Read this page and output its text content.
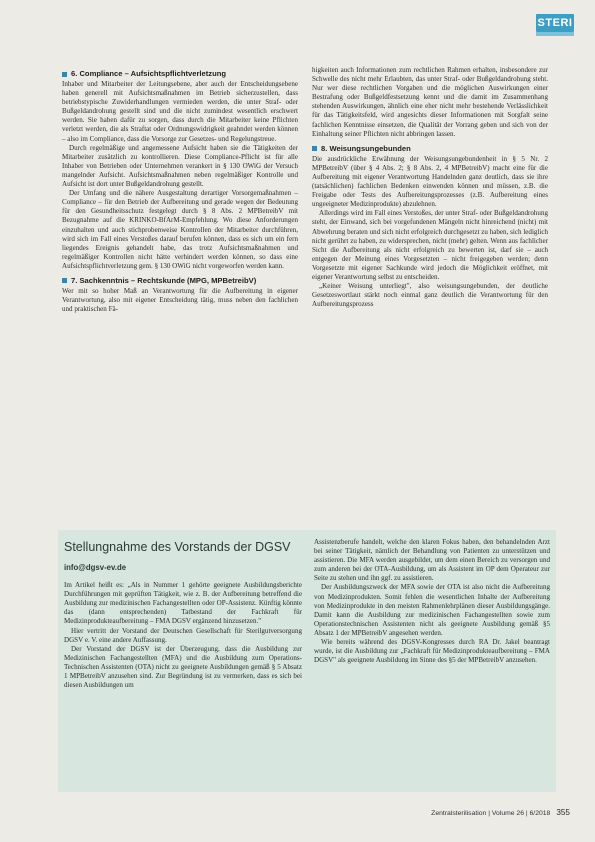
STERI
6. Compliance – Aufsichtspflichtverletzung

Inhaber und Mitarbeiter der Leitungsebene, aber auch der Entscheidungsebene haben generell mit Aufsichtsmaßnahmen im Betrieb sicherzustellen, dass betriebstypische Zuwiderhandlungen vermieden werden, die unter Straf- oder Bußgeldandrohung gestellt sind und die nicht zumindest wesentlich erschwert werden. Sie haben dafür zu sorgen, dass durch die Mitarbeiter keine Pflichten verletzt werden, die als Straftat oder Ordnungswidrigkeit geahndet werden können – also im Compliance, dass die Vorsorge zur Gesetzes- und Regelungstreue.

Durch regelmäßige und angemessene Aufsicht haben sie die Tätigkeiten der Mitarbeiter zusätzlich zu kontrollieren. Diese Compliance-Pflicht ist für alle Inhaber von Betrieben oder Unternehmen verankert in § 130 OWiG der Versuch mangelnder Aufsicht. Aufsichtsmaßnahmen neben regelmäßiger Kontrolle und Aufsicht ist dort unter Bußgeldandrohung gestellt.

Der Umfang und die nähere Ausgestaltung derartiger Vorsorgemaßnahmen – Compliance – für den Betrieb der Aufbereitung und gerade wegen der Bedeutung für den Gesundheitsschutz festgelegt durch § 8 Abs. 2 MPBetreibV mit Bezugnahme auf die KRINKO-BfArM-Empfehlung. Wo diese Anforderungen einzuhalten und auch stichprobenweise Kontrollen der Mitarbeiter durchführen, wird sich im Fall eines Verstoßes darauf berufen können, dass es sich um ein fern liegendes Ereignis gehandelt habe, das trotz Aufsichtsmaßnahmen und regelmäßiger Kontrollen nicht hätte verhindert werden können, so dass eine Aufsichtspflichtverletzung gem. § 130 OWiG nicht vorgeworfen werden kann.

7. Sachkenntnis – Rechtskunde (MPG, MPBetreibV)

Wer mit so hoher Maß an Verantwortung für die Aufbereitung in eigener Verantwortung, also mit eigener Entscheidung tätig, muss neben den fachlichen und praktischen Fä-

higkeiten auch Informationen zum rechtlichen Rahmen erhalten, insbesondere zur Schwelle des nicht mehr Erlaubten, das unter Straf- oder Bußgeldandrohung steht. Nur wer diese rechtlichen Vorgaben und die möglichen Auswirkungen einer Bestrafung oder Bußgeldfestsetzung kennt und die damit im Zusammenhang stehenden Auswirkungen, ähnlich eine eher nicht mehr bestehende Verlässlichkeit für das Tätigkeitsfeld, wird angesichts dieser Informationen mit Sorgfalt seine fachlichen Kenntnisse einsetzen, die Qualität der Vorrang geben und sich von der Einhaltung seiner Pflichten nicht abbringen lassen.

8. Weisungsungebunden

Die ausdrückliche Erwähnung der Weisungsungebundenheit in § 5 Nr. 2 MPBetreibV (über § 4 Abs. 2; § 8 Abs. 2, 4 MPBetreibV) macht eine für die Aufbereitung mit eigener Verantwortung Handelnden ganz deutlich, dass sie ihre (tatsächlichen) fachlichen Bedenken einwenden können und müssen, z.B. die Freigabe oder Tests des Aufbereitungsprozesses (z.B. Aufbereitung eines ungeeigneter Medizinprodukte) abzulehnen.

Allerdings wird im Fall eines Verstoßes, der unter Straf- oder Bußgeldandrohung steht, der Einwand, sich bei vorgefundenen Mängeln nicht hinreichend (nicht) mit Abwehrung beraten und sich nicht erfolgreich durchgesetzt zu haben, sich lediglich nicht gerührt zu haben, zu widersprechen, nicht (mehr) gelten. Wenn aus fachlicher Sicht die Aufbereitung als nicht erfolgreich zu bewerten ist, darf sie – auch entgegen der Meinung eines Vorgesetzten – nicht freigegeben werden; denn Vorgesetzte mit eigener Sachkunde wird jedoch die Möglichkeit eröffnet, mit eigener Verantwortung selbst zu entscheiden.

„Keiner Weisung unterliegt", also weisungsungebunden, der deutliche Gesetzeswortlaut stärkt noch einmal ganz deutlich die Verantwortung für den Aufbereitungsprozess

Stellungnahme des Vorstands der DGSV
info@dgsv-ev.de

Im Artikel heißt es: „Als in Nummer 1 gehörte geeignete Ausbildungsberichte Durchführungen mit geprüften Tätigkeit, wie z. B. der Aufbereitung betreffend die Ausbildung zur medizinischen Fachangestellten oder OP-Assistenz. Künftig könnte das (dann entsprechenden) Tatbestand der Fachkraft für Medizinprodukteaufbereitung – FMA DGSV ergänzend hinzusetzen."

Hier vertritt der Vorstand der Deutschen Gesellschaft für Sterilgutversorgung DGSV e. V. eine andere Auffassung.

Der Vorstand der DGSV ist der Überzeugung, dass die Ausbildung zur Medizinischen Fachangestellten (MFA) und die Ausbildung zum Operations-Technischen Assistenten (OTA) nicht zu geeignete Ausbildungen gemäß § 5 Absatz 1 MPBetreibV anzusehen sind. Zur Begründung ist zu vermerken, dass es sich bei diesen Ausbildungen um

Assistenzberufe handelt, welche den klaren Fokus haben, den behandelnden Arzt bei seiner Tätigkeit, nämlich der Behandlung von Patienten zu unterstützen und assistieren. Die MFA werden ausgebildet, um dem einen Bereich zu versorgen und zum anderen bei der OTA-Ausbildung, um als Assistent im OP dem Operateur zur Seite zu stehen und ihn ggf. zu assistieren.

Der Ausbildungszweck der MFA sowie der OTA ist also nicht die Aufbereitung von Medizinprodukten. Somit fehlen die wesentlichen Inhalte der Aufbereitung von Medizinprodukte in den meisten Rahmenlehrplänen dieser Ausbildungsgänge. Damit kann die Ausbildung zur medizinischen Fachangestellten sowie zum Operationstechnischen Assistenten nicht als geeignete Ausbildung gemäß §5 Absatz 1 der MPBetreibV angesehen werden.

Wie bereits während des DGSV-Kongresses durch RA Dr. Jakel beantragt wurde, ist die Ausbildung zur „Fachkraft für Medizinprodukteaufbereitung – FMA DGSV" als geeignete Ausbildung im Sinne des §5 der MPBetreibV anzusehen.

Zentralsterilisation | Volume 26 | 6/2018 355
